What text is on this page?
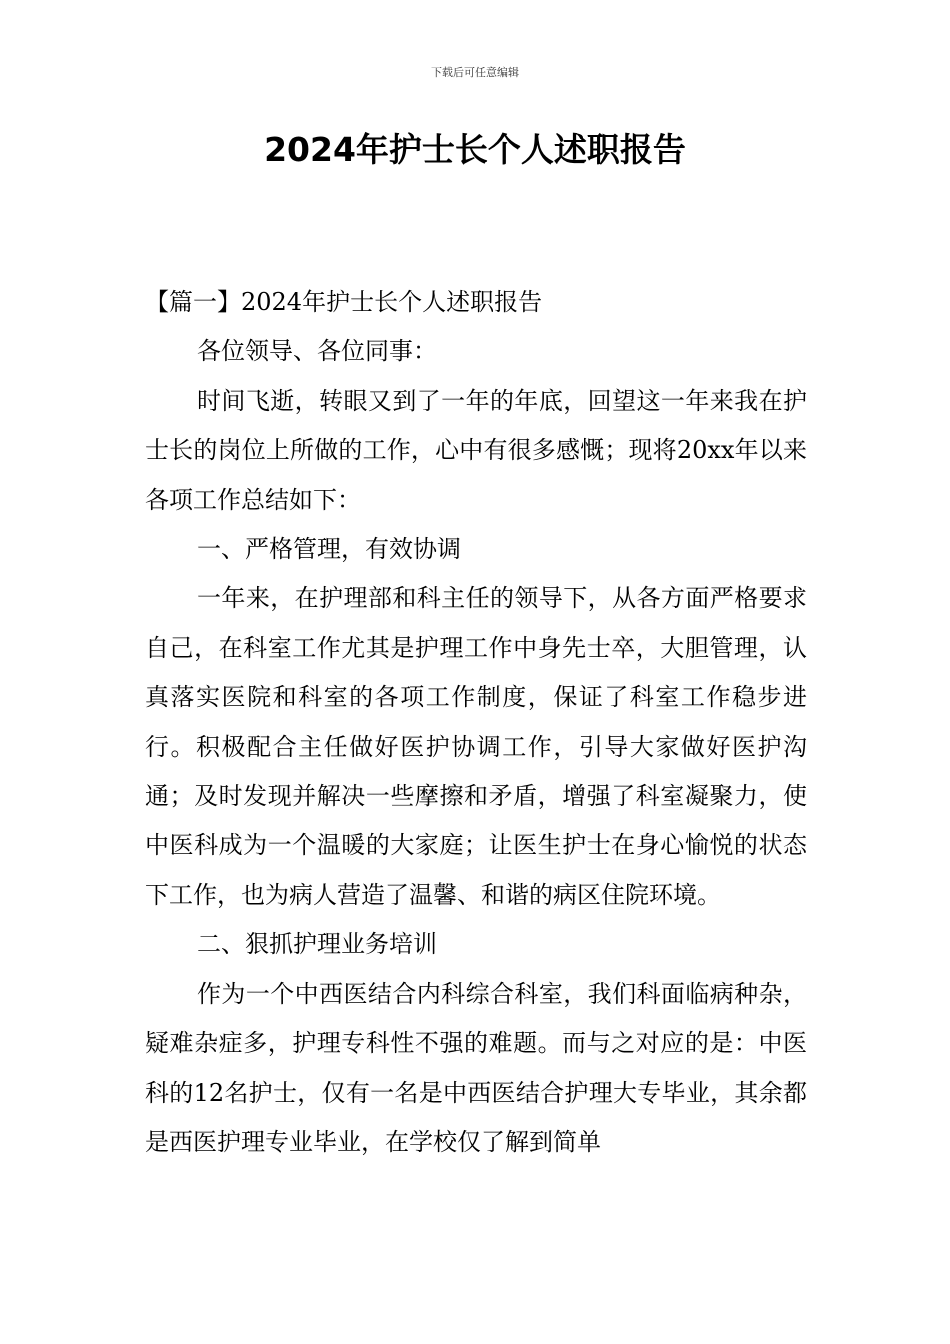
下载后可任意编辑
2024年护士长个人述职报告

【篇一】2024年护士长个人述职报告

各位领导、各位同事：

时间飞逝，转眼又到了一年的年底，回望这一年来我在护士长的岗位上所做的工作，心中有很多感慨；现将20xx年以来各项工作总结如下：

一、严格管理，有效协调

一年来，在护理部和科主任的领导下，从各方面严格要求自己，在科室工作尤其是护理工作中身先士卒，大胆管理，认真落实医院和科室的各项工作制度，保证了科室工作稳步进行。积极配合主任做好医护协调工作，引导大家做好医护沟通；及时发现并解决一些摩擦和矛盾，增强了科室凝聚力，使中医科成为一个温暖的大家庭；让医生护士在身心愉悦的状态下工作，也为病人营造了温馨、和谐的病区住院环境。

二、狠抓护理业务培训

作为一个中西医结合内科综合科室，我们科面临病种杂，疑难杂症多，护理专科性不强的难题。而与之对应的是：中医科的12名护士，仅有一名是中西医结合护理大专毕业，其余都是西医护理专业毕业，在学校仅了解到简单
